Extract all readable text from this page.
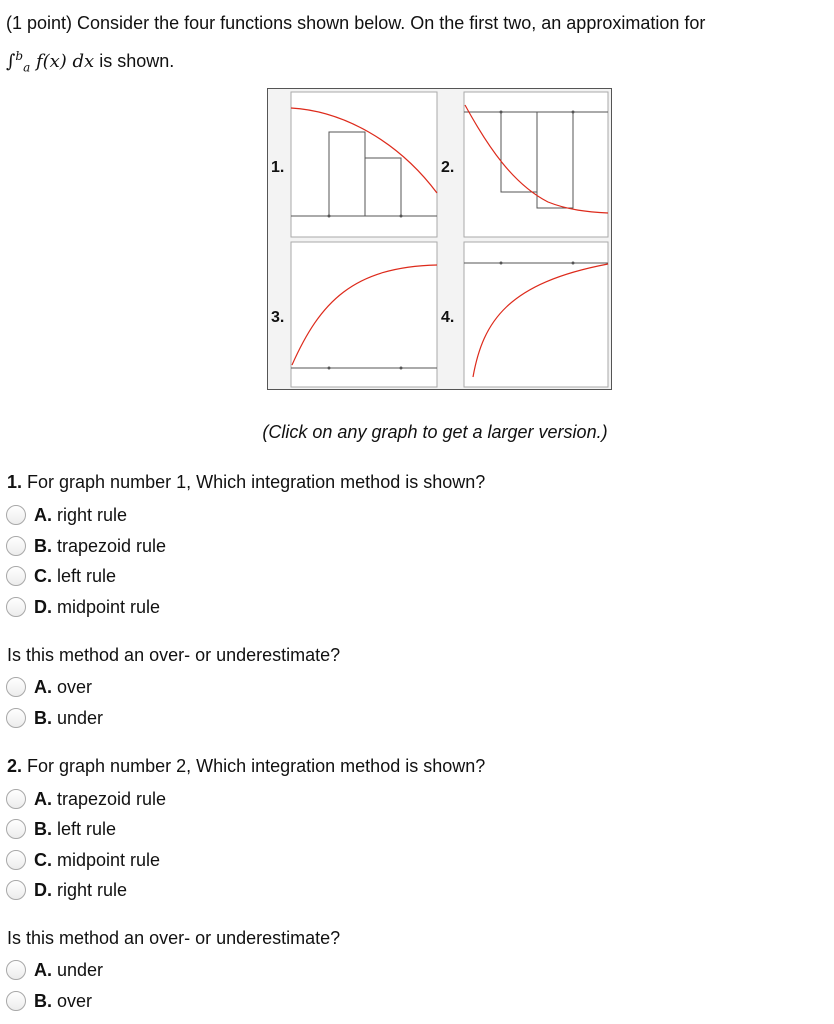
(1 point) Consider the four functions shown below. On the first two, an approximation for
∫$^b_a$ f(x) dx is shown.
1.	2.
3.	4.
(Click on any graph to get a larger version.)
1. For graph number 1, Which integration method is shown?
A. right rule
B. trapezoid rule
C. left rule
D. midpoint rule
Is this method an over- or underestimate?
A. over
B. under
2. For graph number 2, Which integration method is shown?
A. trapezoid rule
B. left rule
C. midpoint rule
D. right rule
Is this method an over- or underestimate?
A. under
B. over
